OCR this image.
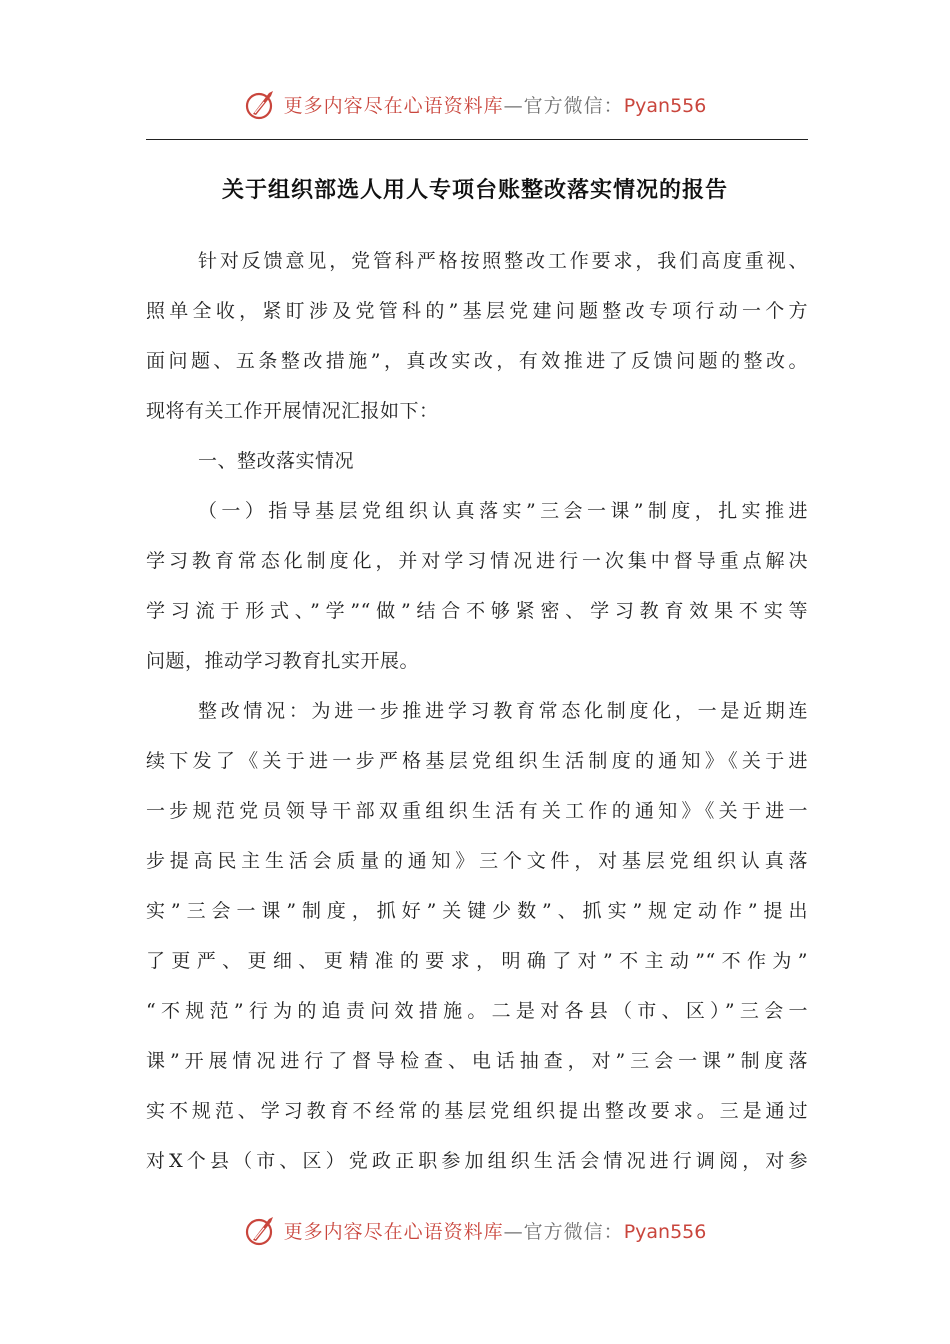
更多内容尽在心语资料库—官方微信：Pyan556
关于组织部选人用人专项台账整改落实情况的报告
针对反馈意见，党管科严格按照整改工作要求，我们高度重视、
照单全收，紧盯涉及党管科的”基层党建问题整改专项行动一个方
面问题、五条整改措施”，真改实改，有效推进了反馈问题的整改。
现将有关工作开展情况汇报如下：
一、整改落实情况
（一）指导基层党组织认真落实”三会一课”制度，扎实推进
学习教育常态化制度化，并对学习情况进行一次集中督导重点解决
学习流于形式、”学”“做”结合不够紧密、学习教育效果不实等
问题，推动学习教育扎实开展。
整改情况：为进一步推进学习教育常态化制度化，一是近期连
续下发了《关于进一步严格基层党组织生活制度的通知》《关于进
一步规范党员领导干部双重组织生活有关工作的通知》《关于进一
步提高民主生活会质量的通知》三个文件，对基层党组织认真落
实”三会一课”制度，抓好”关键少数”、抓实”规定动作”提出
了更严、更细、更精准的要求，明确了对”不主动”“不作为”
“不规范”行为的追责问效措施。二是对各县（市、区）”三会一
课”开展情况进行了督导检查、电话抽查，对”三会一课”制度落
实不规范、学习教育不经常的基层党组织提出整改要求。三是通过
对X个县（市、区）党政正职参加组织生活会情况进行调阅，对参
更多内容尽在心语资料库—官方微信：Pyan556
